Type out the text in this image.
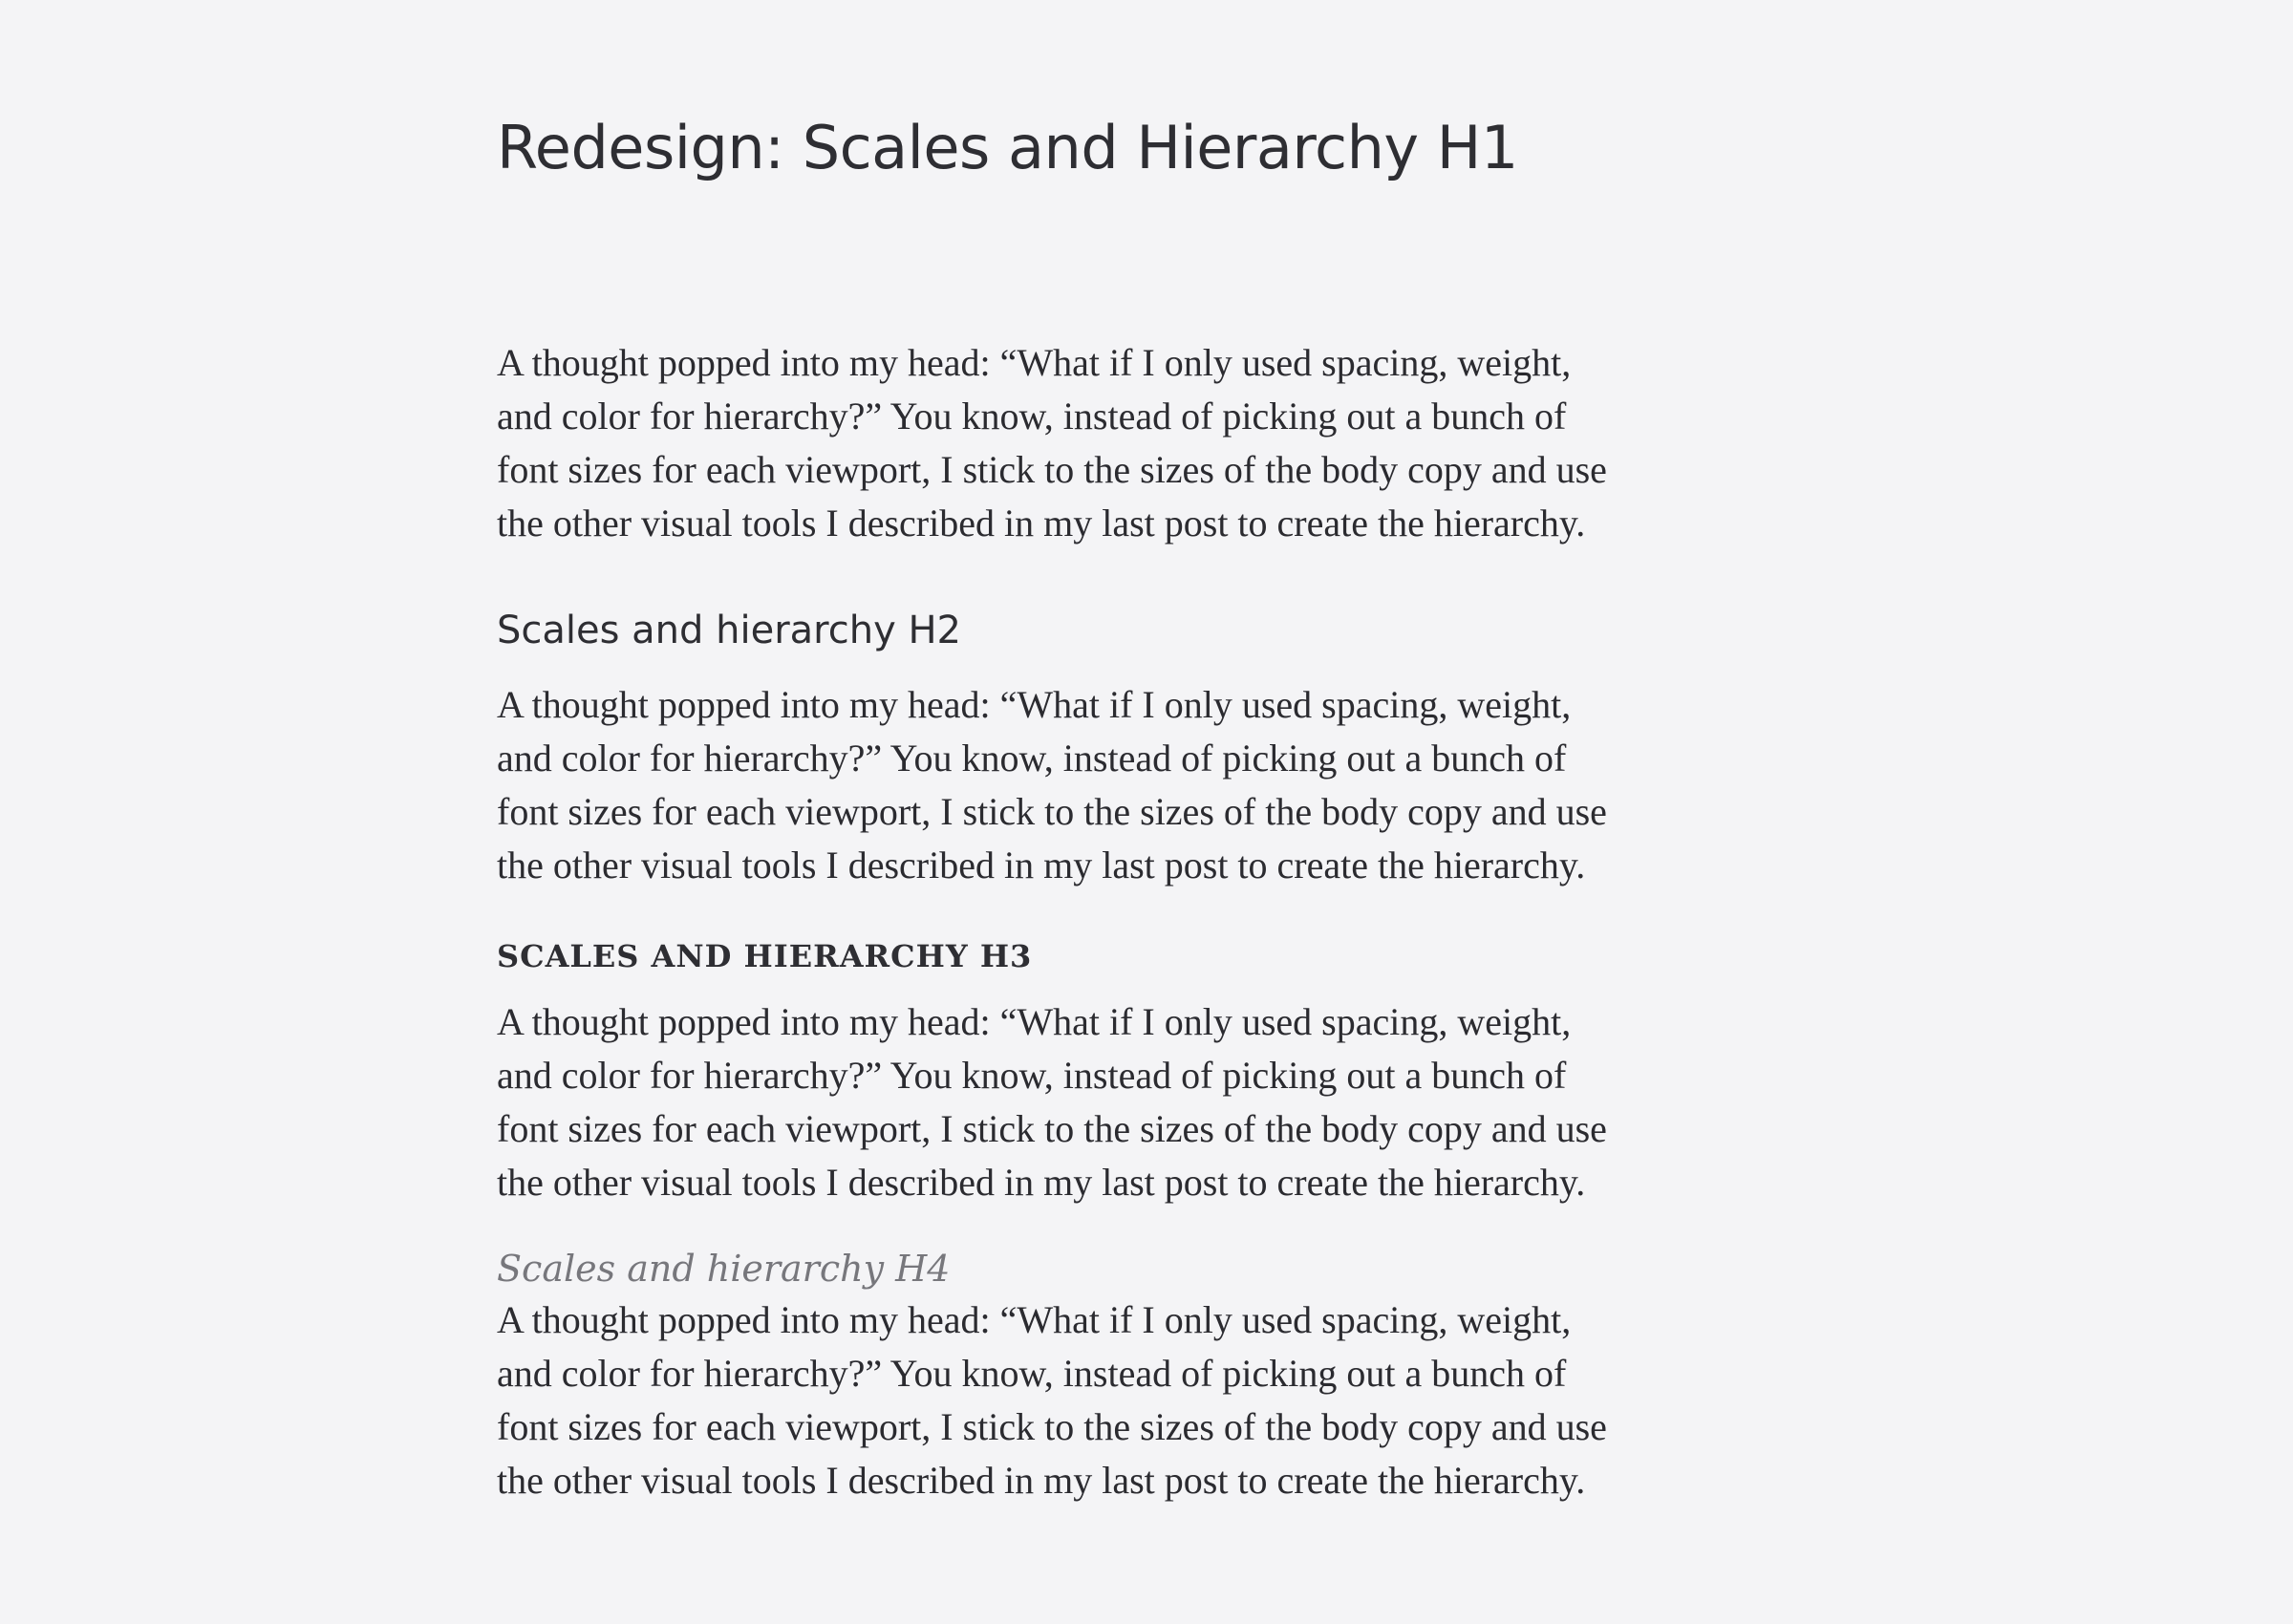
Redesign: Scales and Hierarchy H1

A thought popped into my head: “What if I only used spacing, weight,
and color for hierarchy?” You know, instead of picking out a bunch of
font sizes for each viewport, I stick to the sizes of the body copy and use
the other visual tools I described in my last post to create the hierarchy.

Scales and hierarchy H2

A thought popped into my head: “What if I only used spacing, weight,
and color for hierarchy?” You know, instead of picking out a bunch of
font sizes for each viewport, I stick to the sizes of the body copy and use
the other visual tools I described in my last post to create the hierarchy.

SCALES AND HIERARCHY H3

A thought popped into my head: “What if I only used spacing, weight,
and color for hierarchy?” You know, instead of picking out a bunch of
font sizes for each viewport, I stick to the sizes of the body copy and use
the other visual tools I described in my last post to create the hierarchy.

Scales and hierarchy H4

A thought popped into my head: “What if I only used spacing, weight,
and color for hierarchy?” You know, instead of picking out a bunch of
font sizes for each viewport, I stick to the sizes of the body copy and use
the other visual tools I described in my last post to create the hierarchy.
